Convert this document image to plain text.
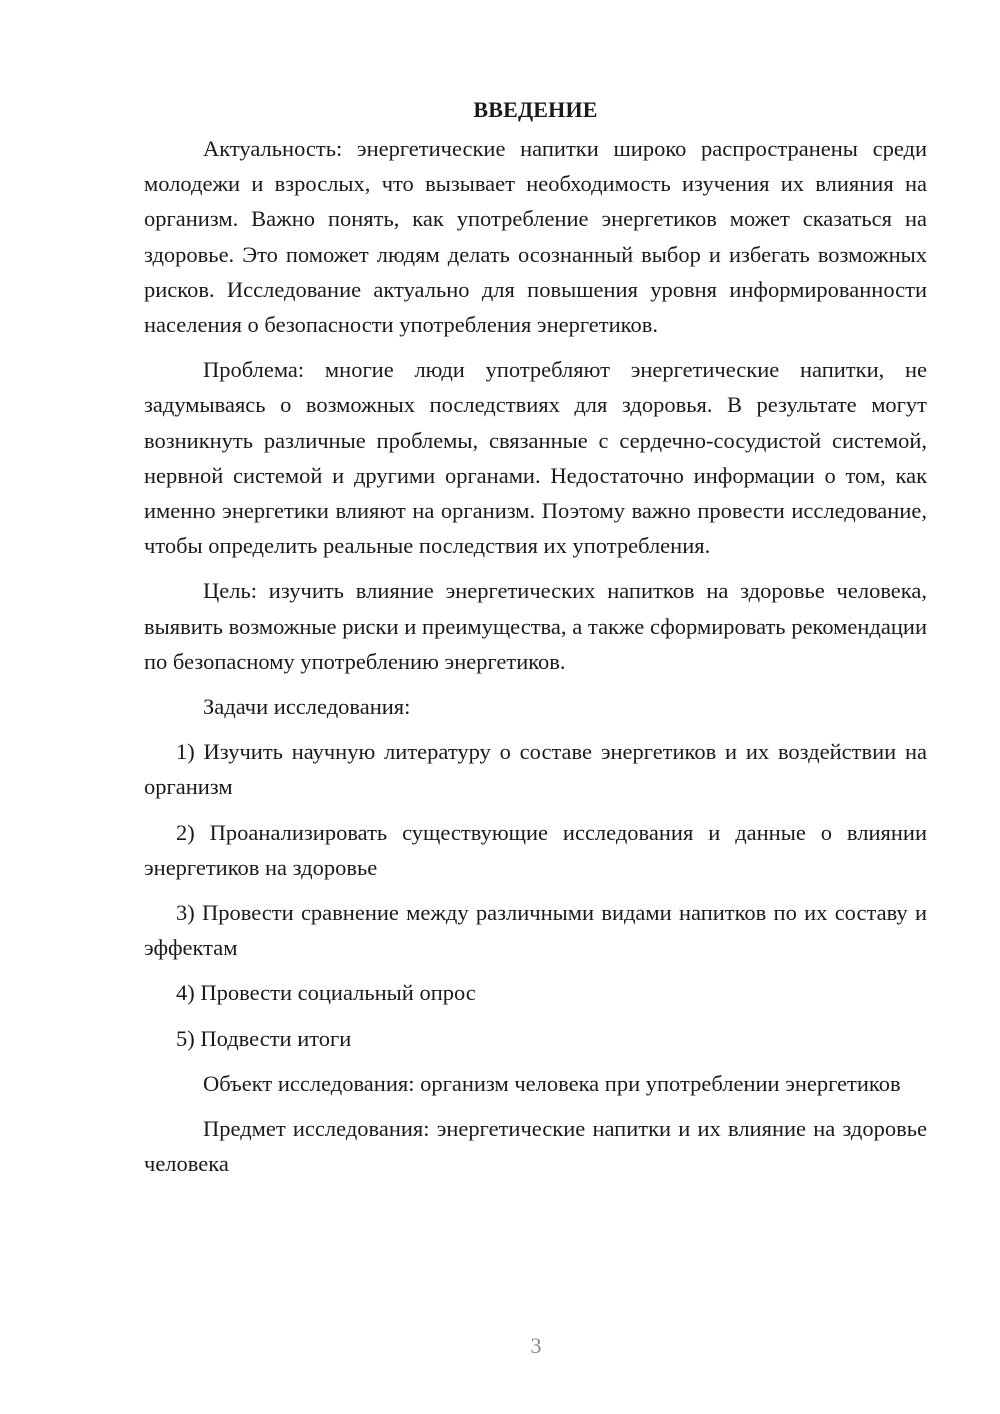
ВВЕДЕНИЕ

Актуальность: энергетические напитки широко распространены среди молодежи и взрослых, что вызывает необходимость изучения их влияния на организм. Важно понять, как употребление энергетиков может сказаться на здоровье. Это поможет людям делать осознанный выбор и избегать возможных рисков. Исследование актуально для повышения уровня информированности населения о безопасности употребления энергетиков.

Проблема: многие люди употребляют энергетические напитки, не задумываясь о возможных последствиях для здоровья. В результате могут возникнуть различные проблемы, связанные с сердечно-сосудистой системой, нервной системой и другими органами. Недостаточно информации о том, как именно энергетики влияют на организм. Поэтому важно провести исследование, чтобы определить реальные последствия их употребления.

Цель: изучить влияние энергетических напитков на здоровье человека, выявить возможные риски и преимущества, а также сформировать рекомендации по безопасному употреблению энергетиков.

Задачи исследования:

1) Изучить научную литературу о составе энергетиков и их воздействии на организм

2) Проанализировать существующие исследования и данные о влиянии энергетиков на здоровье

3) Провести сравнение между различными видами напитков по их составу и эффектам

4) Провести социальный опрос

5) Подвести итоги

Объект исследования: организм человека при употреблении энергетиков

Предмет исследования: энергетические напитки и их влияние на здоровье человека

3
